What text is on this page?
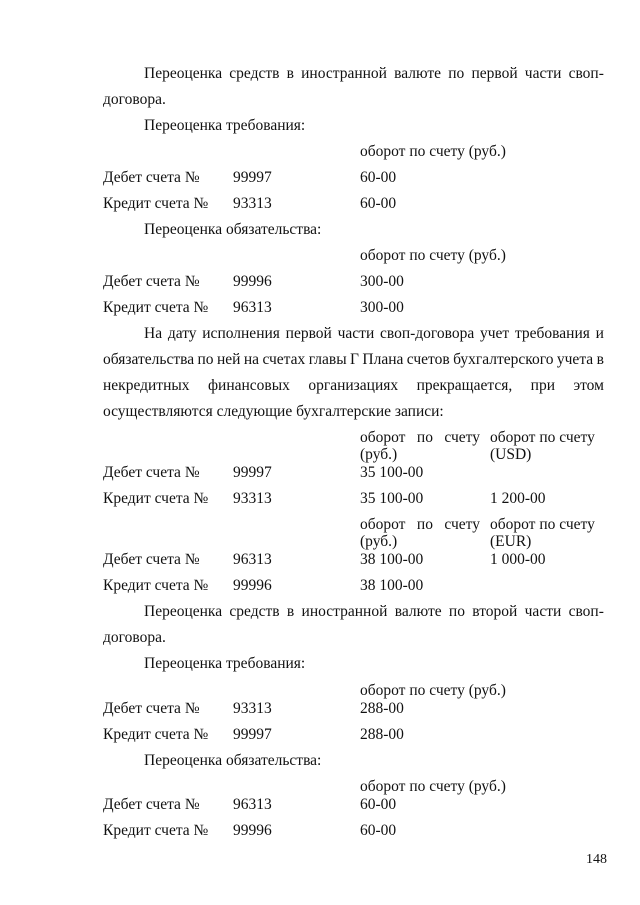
Переоценка средств в иностранной валюте по первой части своп-
договора.
Переоценка требования:
оборот по счету (руб.)
Дебет счета № 99997	60-00
Кредит счета № 93313	60-00
Переоценка обязательства:
оборот по счету (руб.)
Дебет счета № 99996	300-00
Кредит счета № 96313	300-00
На дату исполнения первой части своп-договора учет требования и
обязательства по ней на счетах главы Г Плана счетов бухгалтерского учета в
некредитных финансовых организациях прекращается, при этом
осуществляются следующие бухгалтерские записи:
оборот по счету
(руб.)
оборот по счету
(USD)
Дебет счета № 99997	35 100-00
Кредит счета № 93313	35 100-00	1 200-00
оборот по счету
(руб.)
оборот по счету
(EUR)
Дебет счета № 96313	38 100-00	1 000-00
Кредит счета № 99996	38 100-00
Переоценка средств в иностранной валюте по второй части своп-
договора.
Переоценка требования:
оборот по счету (руб.)
Дебет счета № 93313	288-00
Кредит счета № 99997	288-00
Переоценка обязательства:
оборот по счету (руб.)
Дебет счета № 96313	60-00
Кредит счета № 99996	60-00
148
